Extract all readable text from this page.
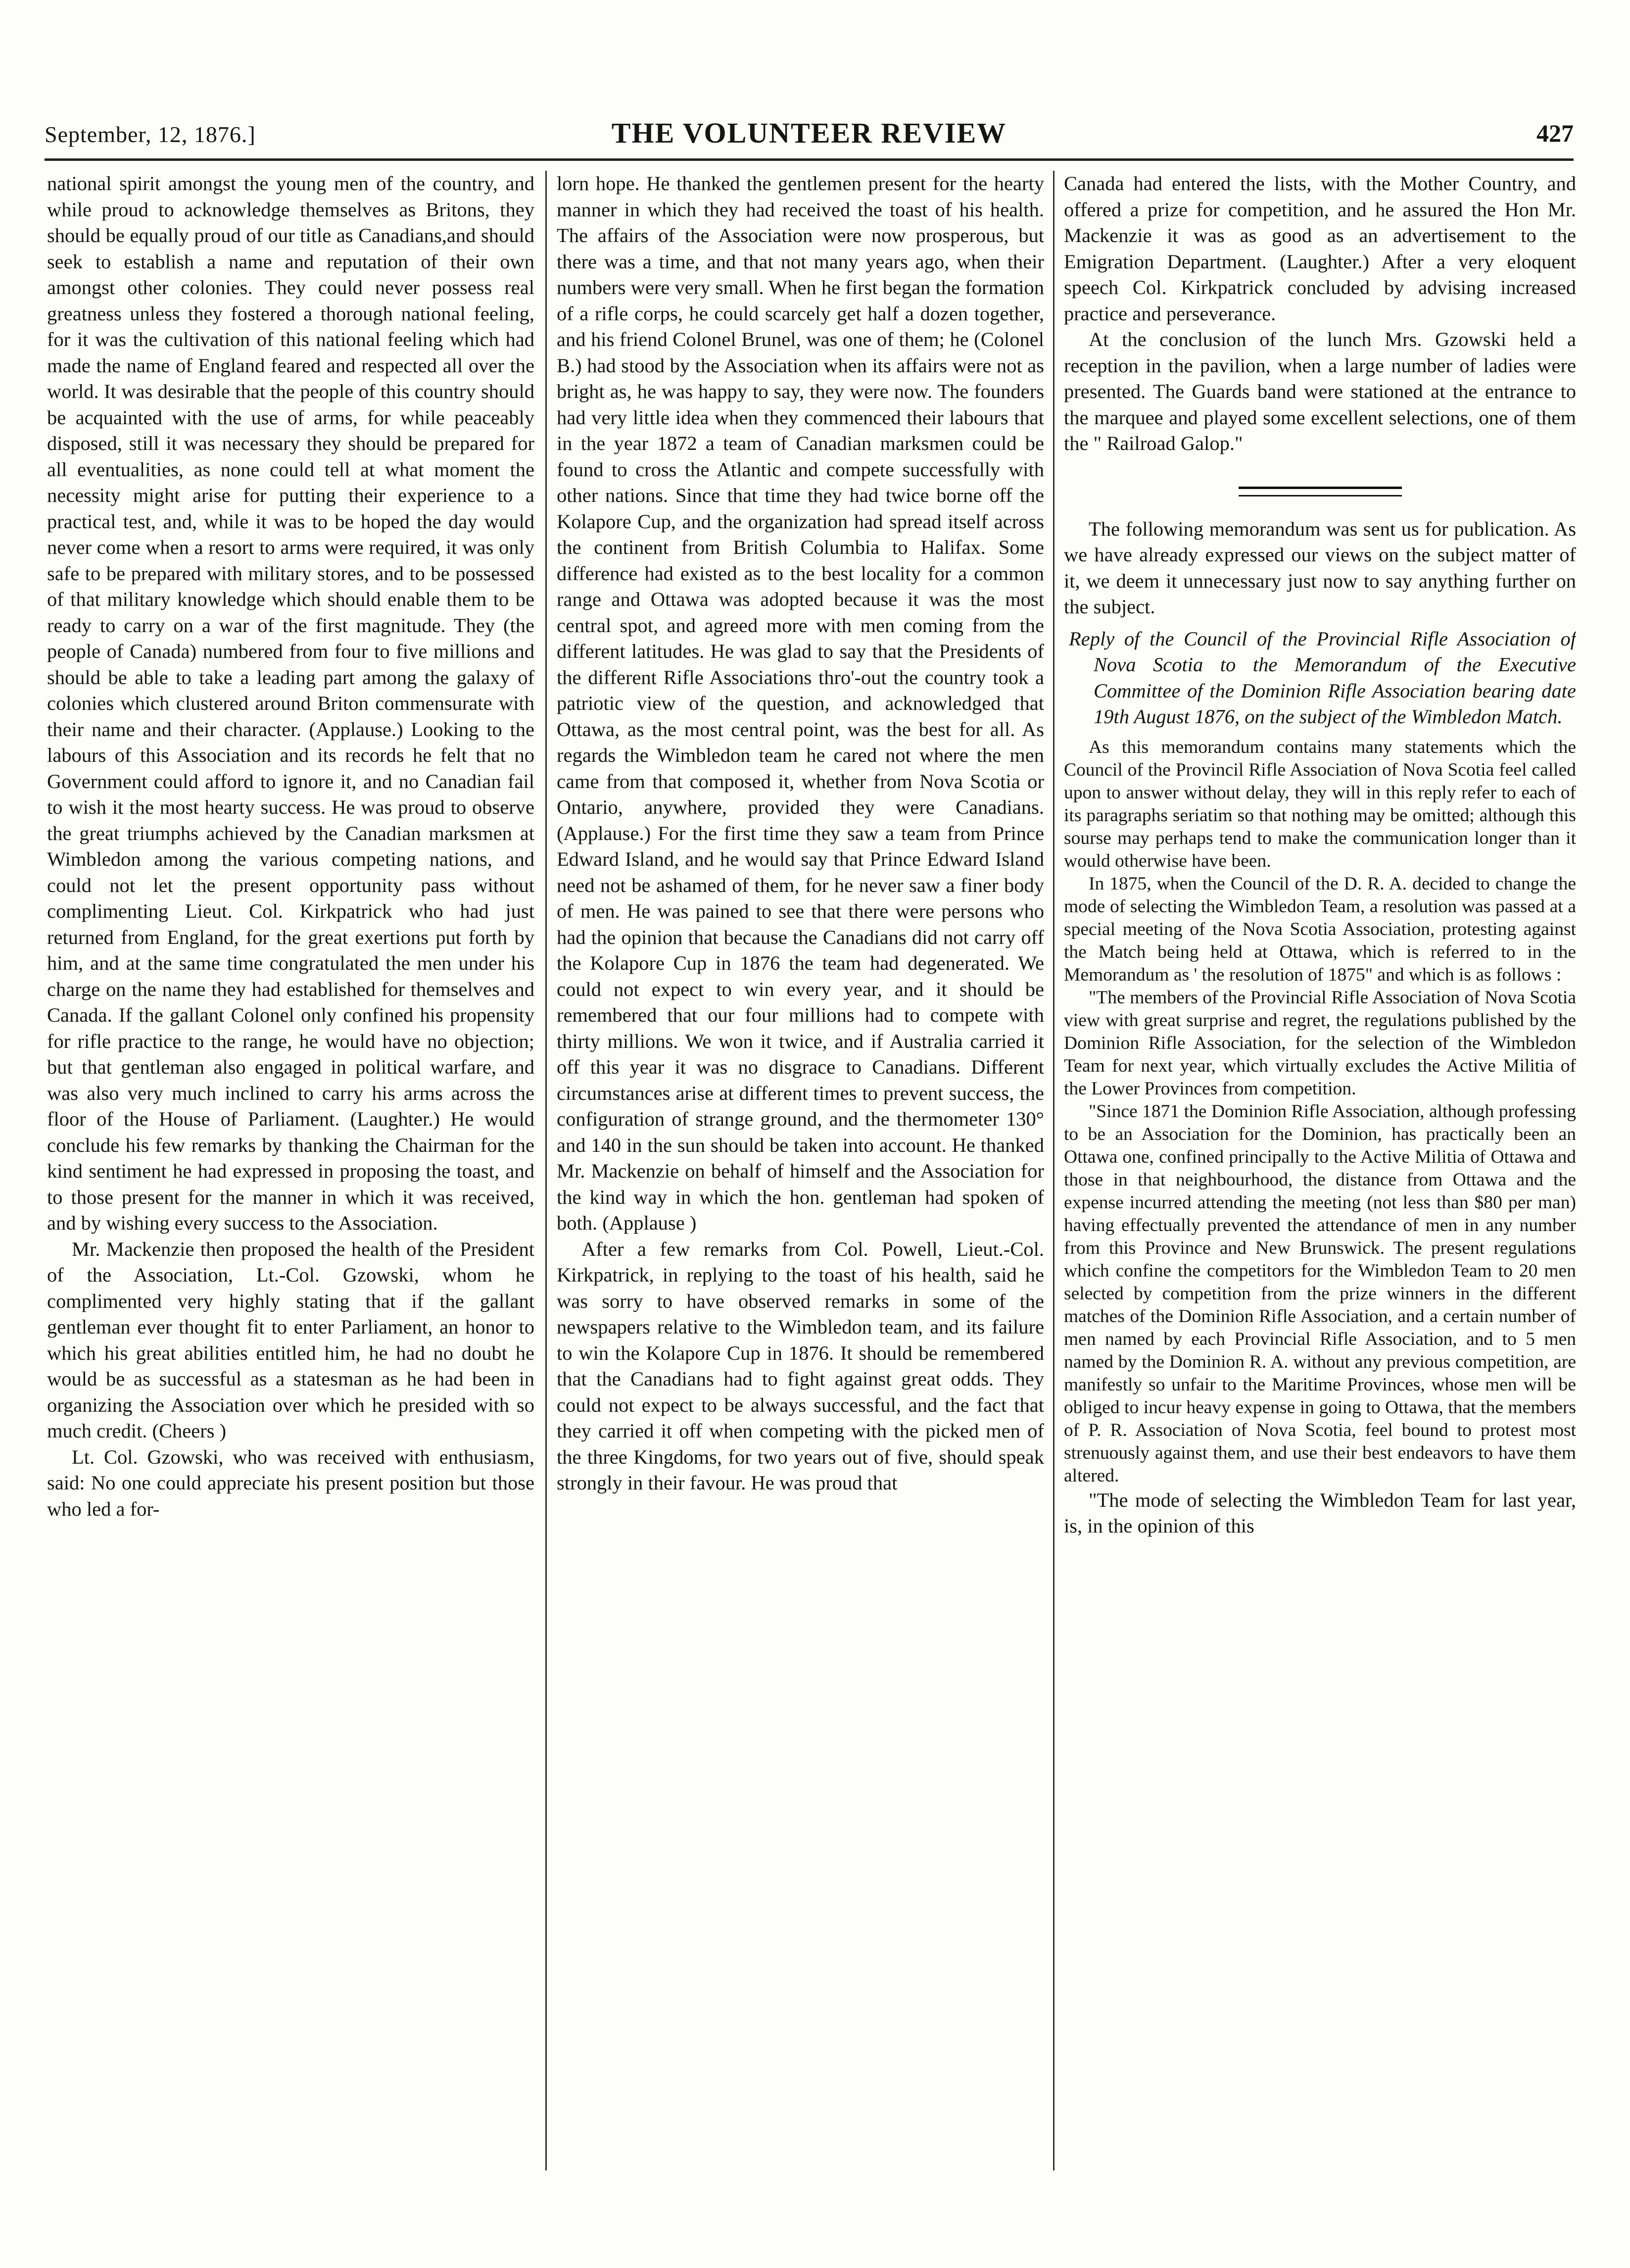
September, 12, 1876.]	THE VOLUNTEER REVIEW	427

national spirit amongst the young men of the country, and while proud to acknowledge themselves as Britons, they should be equally proud of our title as Canadians,and should seek to establish a name and reputation of their own amongst other colonies. They could never possess real greatness unless they fostered a thorough national feeling, for it was the cultivation of this national feeling which had made the name of England feared and respected all over the world. It was desirable that the people of this country should be acquainted with the use of arms, for while peaceably disposed, still it was necessary they should be prepared for all eventualities, as none could tell at what moment the necessity might arise for putting their experience to a practical test, and, while it was to be hoped the day would never come when a resort to arms were required, it was only safe to be prepared with military stores, and to be possessed of that military knowledge which should enable them to be ready to carry on a war of the first magnitude. They (the people of Canada) numbered from four to five millions and should be able to take a leading part among the galaxy of colonies which clustered around Briton commensurate with their name and their character. (Applause.) Looking to the labours of this Association and its records he felt that no Government could afford to ignore it, and no Canadian fail to wish it the most hearty success. He was proud to observe the great triumphs achieved by the Canadian marksmen at Wimbledon among the various competing nations, and could not let the present opportunity pass without complimenting Lieut. Col. Kirkpatrick who had just returned from England, for the great exertions put forth by him, and at the same time congratulated the men under his charge on the name they had established for themselves and Canada. If the gallant Colonel only confined his propensity for rifle practice to the range, he would have no objection; but that gentleman also engaged in political warfare, and was also very much inclined to carry his arms across the floor of the House of Parliament. (Laughter.) He would conclude his few remarks by thanking the Chairman for the kind sentiment he had expressed in proposing the toast, and to those present for the manner in which it was received, and by wishing every success to the Association.

Mr. Mackenzie then proposed the health of the President of the Association, Lt.-Col. Gzowski, whom he complimented very highly stating that if the gallant gentleman ever thought fit to enter Parliament, an honor to which his great abilities entitled him, he had no doubt he would be as successful as a statesman as he had been in organizing the Association over which he presided with so much credit. (Cheers )

Lt. Col. Gzowski, who was received with enthusiasm, said: No one could appreciate his present position but those who led a for-

lorn hope. He thanked the gentlemen present for the hearty manner in which they had received the toast of his health. The affairs of the Association were now prosperous, but there was a time, and that not many years ago, when their numbers were very small. When he first began the formation of a rifle corps, he could scarcely get half a dozen together, and his friend Colonel Brunel, was one of them; he (Colonel B.) had stood by the Association when its affairs were not as bright as, he was happy to say, they were now. The founders had very little idea when they commenced their labours that in the year 1872 a team of Canadian marksmen could be found to cross the Atlantic and compete successfully with other nations. Since that time they had twice borne off the Kolapore Cup, and the organization had spread itself across the continent from British Columbia to Halifax. Some difference had existed as to the best locality for a common range and Ottawa was adopted because it was the most central spot, and agreed more with men coming from the different latitudes. He was glad to say that the Presidents of the different Rifle Associations thro'-out the country took a patriotic view of the question, and acknowledged that Ottawa, as the most central point, was the best for all. As regards the Wimbledon team he cared not where the men came from that composed it, whether from Nova Scotia or Ontario, anywhere, provided they were Canadians. (Applause.) For the first time they saw a team from Prince Edward Island, and he would say that Prince Edward Island need not be ashamed of them, for he never saw a finer body of men. He was pained to see that there were persons who had the opinion that because the Canadians did not carry off the Kolapore Cup in 1876 the team had degenerated. We could not expect to win every year, and it should be remembered that our four millions had to compete with thirty millions. We won it twice, and if Australia carried it off this year it was no disgrace to Canadians. Different circumstances arise at different times to prevent success, the configuration of strange ground, and the thermometer 130° and 140 in the sun should be taken into account. He thanked Mr. Mackenzie on behalf of himself and the Association for the kind way in which the hon. gentleman had spoken of both. (Applause )

After a few remarks from Col. Powell, Lieut.-Col. Kirkpatrick, in replying to the toast of his health, said he was sorry to have observed remarks in some of the newspapers relative to the Wimbledon team, and its failure to win the Kolapore Cup in 1876. It should be remembered that the Canadians had to fight against great odds. They could not expect to be always successful, and the fact that they carried it off when competing with the picked men of the three Kingdoms, for two years out of five, should speak strongly in their favour. He was proud that

Canada had entered the lists, with the Mother Country, and offered a prize for competition, and he assured the Hon Mr. Mackenzie it was as good as an advertisement to the Emigration Department. (Laughter.) After a very eloquent speech Col. Kirkpatrick concluded by advising increased practice and perseverance.

At the conclusion of the lunch Mrs. Gzowski held a reception in the pavilion, when a large number of ladies were presented. The Guards band were stationed at the entrance to the marquee and played some excellent selections, one of them the " Railroad Galop."

The following memorandum was sent us for publication. As we have already expressed our views on the subject matter of it, we deem it unnecessary just now to say anything further on the subject.

Reply of the Council of the Provincial Rifle Association of Nova Scotia to the Memorandum of the Executive Committee of the Dominion Rifle Association bearing date 19th August 1876, on the subject of the Wimbledon Match.

As this memorandum contains many statements which the Council of the Provincil Rifle Association of Nova Scotia feel called upon to answer without delay, they will in this reply refer to each of its paragraphs seriatim so that nothing may be omitted; although this sourse may perhaps tend to make the communication longer than it would otherwise have been.

In 1875, when the Council of the D. R. A. decided to change the mode of selecting the Wimbledon Team, a resolution was passed at a special meeting of the Nova Scotia Association, protesting against the Match being held at Ottawa, which is referred to in the Memorandum as ' the resolution of 1875" and which is as follows :

"The members of the Provincial Rifle Association of Nova Scotia view with great surprise and regret, the regulations published by the Dominion Rifle Association, for the selection of the Wimbledon Team for next year, which virtually excludes the Active Militia of the Lower Provinces from competition.

"Since 1871 the Dominion Rifle Association, although professing to be an Association for the Dominion, has practically been an Ottawa one, confined principally to the Active Militia of Ottawa and those in that neighbourhood, the distance from Ottawa and the expense incurred attending the meeting (not less than $80 per man) having effectually prevented the attendance of men in any number from this Province and New Brunswick. The present regulations which confine the competitors for the Wimbledon Team to 20 men selected by competition from the prize winners in the different matches of the Dominion Rifle Association, and a certain number of men named by each Provincial Rifle Association, and to 5 men named by the Dominion R. A. without any previous competition, are manifestly so unfair to the Maritime Provinces, whose men will be obliged to incur heavy expense in going to Ottawa, that the members of P. R. Association of Nova Scotia, feel bound to protest most strenuously against them, and use their best endeavors to have them altered.

"The mode of selecting the Wimbledon Team for last year, is, in the opinion of this
